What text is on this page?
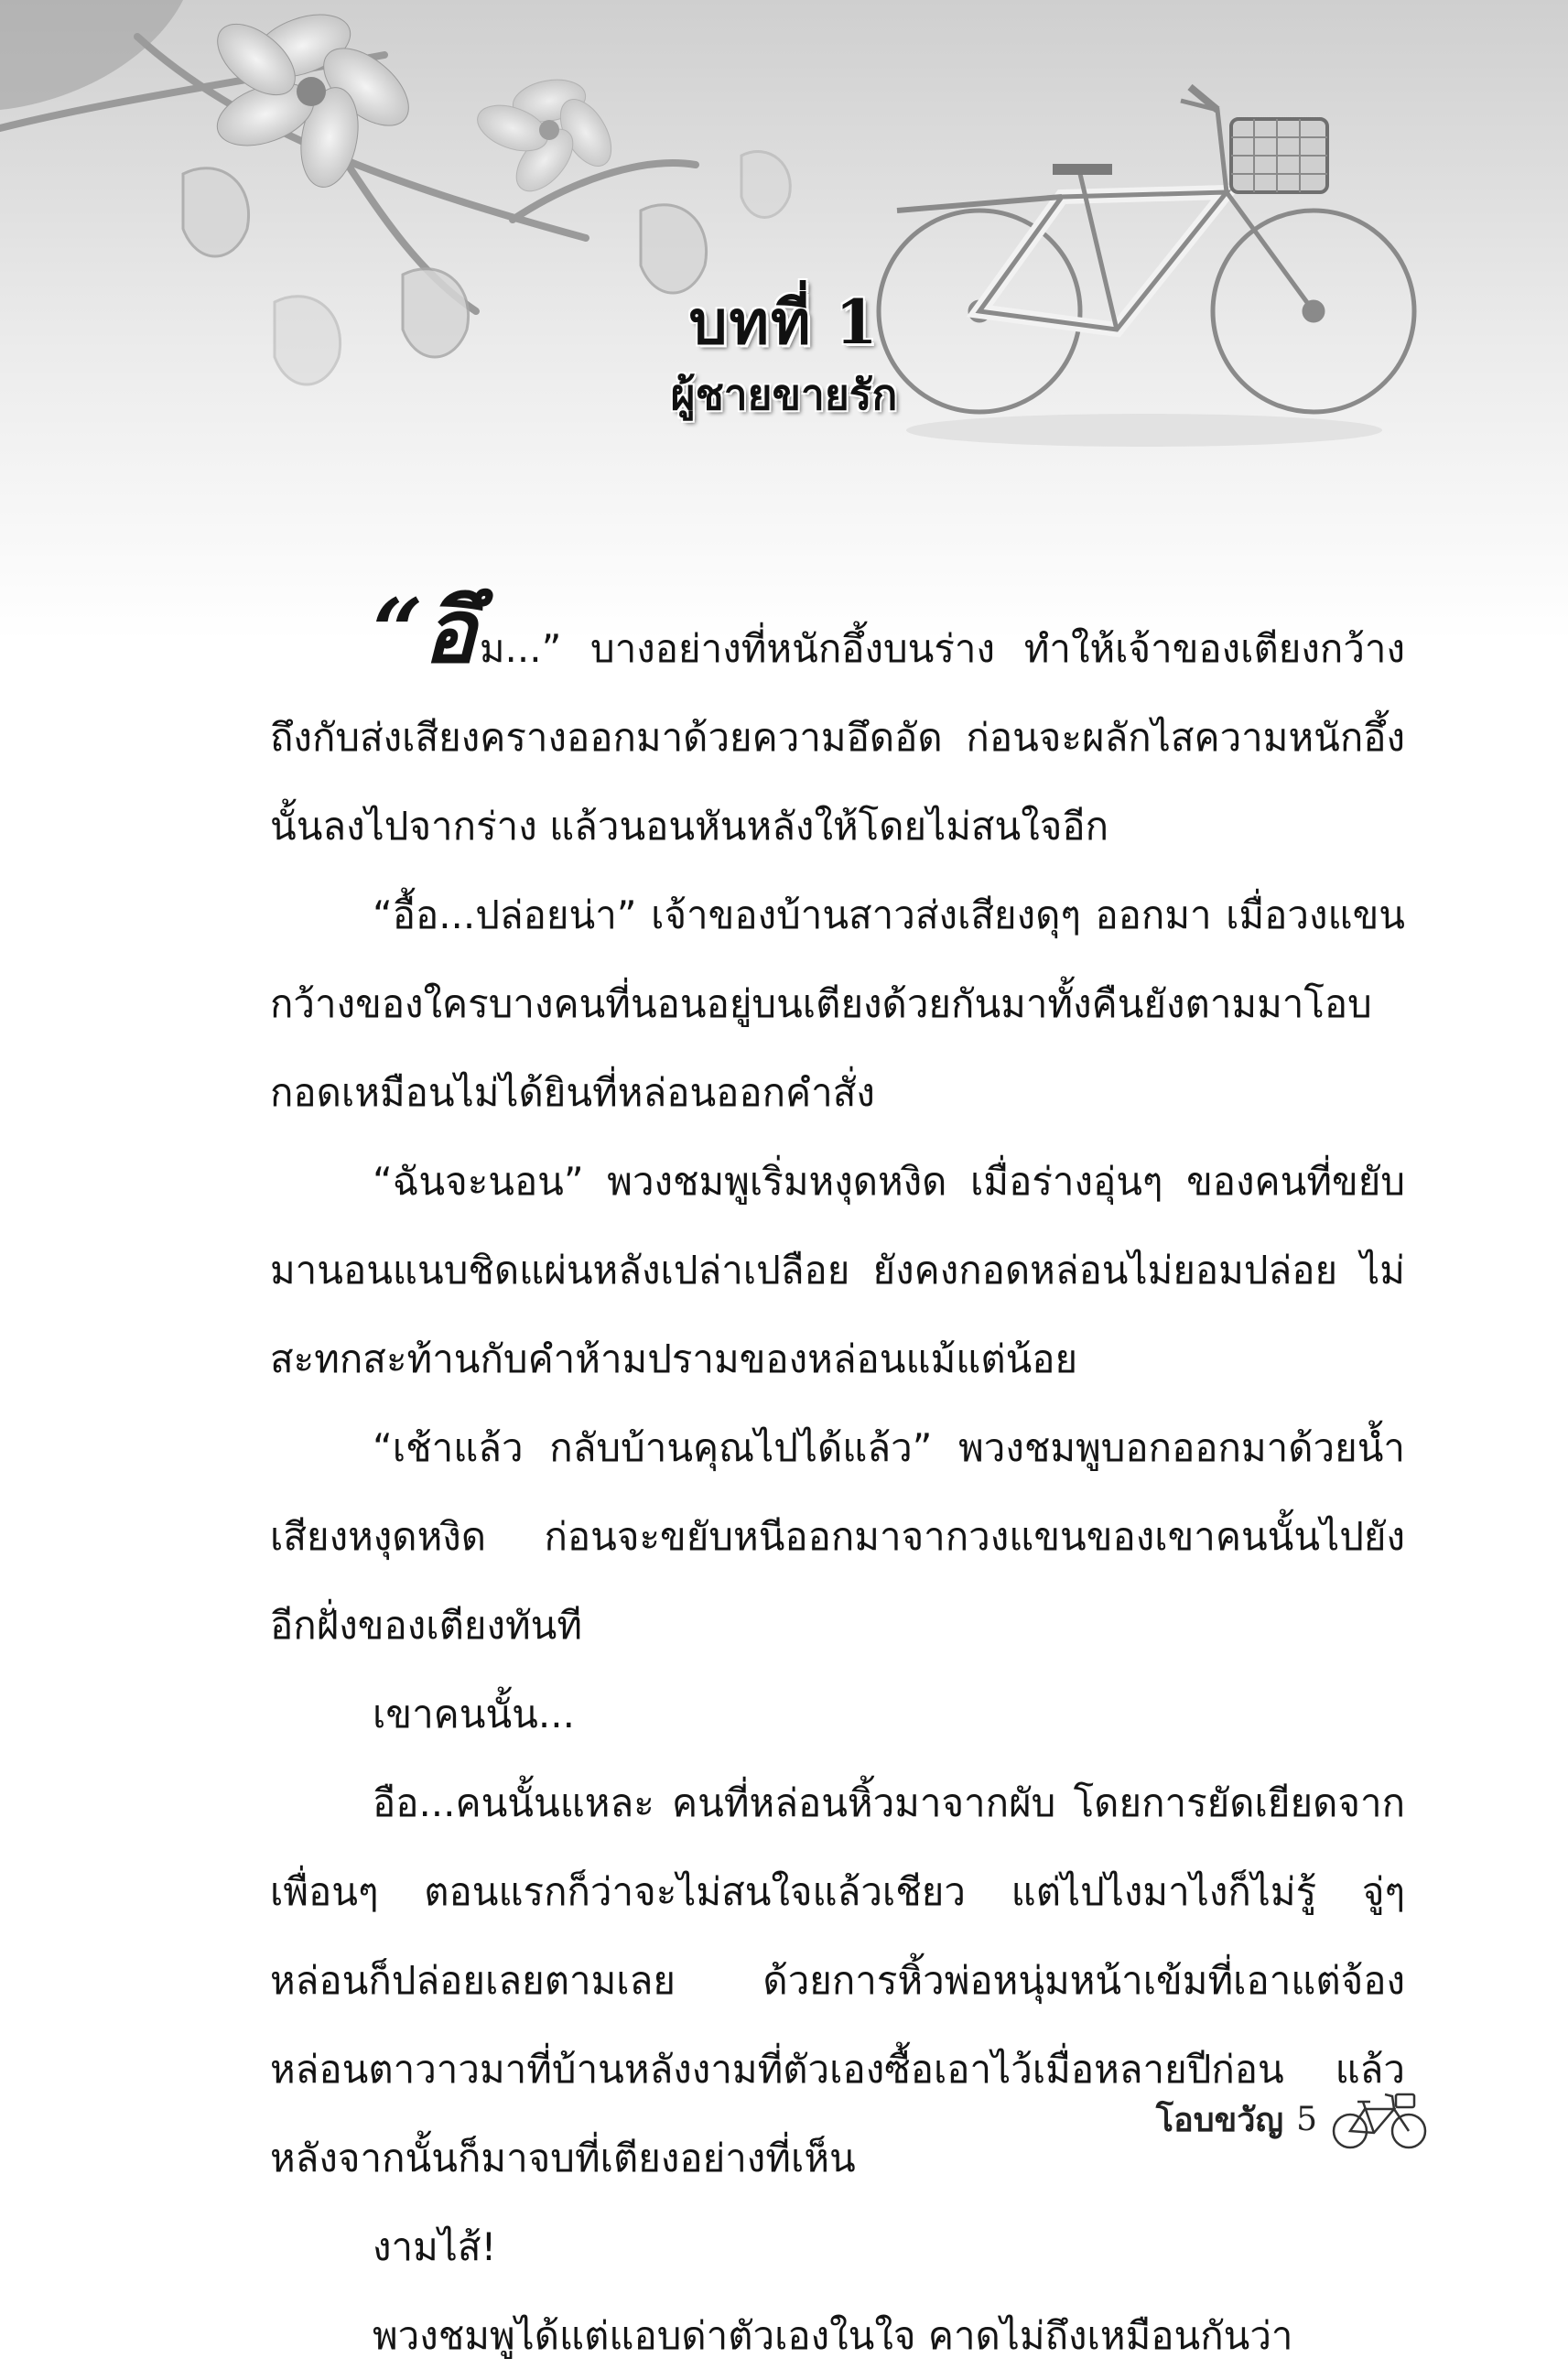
บทที่ 1
ผู้ชายขายรัก

“อึม...” บางอย่างที่หนักอึ้งบนร่าง ทำให้เจ้าของเตียงกว้างถึงกับส่งเสียงครางออกมาด้วยความอึดอัด ก่อนจะผลักไสความหนักอึ้งนั้นลงไปจากร่าง แล้วนอนหันหลังให้โดยไม่สนใจอีก

“อื้อ...ปล่อยน่า” เจ้าของบ้านสาวส่งเสียงดุๆ ออกมา เมื่อวงแขนกว้างของใครบางคนที่นอนอยู่บนเตียงด้วยกันมาทั้งคืนยังตามมาโอบกอดเหมือนไม่ได้ยินที่หล่อนออกคำสั่ง

“ฉันจะนอน” พวงชมพูเริ่มหงุดหงิด เมื่อร่างอุ่นๆ ของคนที่ขยับมานอนแนบชิดแผ่นหลังเปล่าเปลือย ยังคงกอดหล่อนไม่ยอมปล่อย ไม่สะทกสะท้านกับคำห้ามปรามของหล่อนแม้แต่น้อย

“เช้าแล้ว กลับบ้านคุณไปได้แล้ว” พวงชมพูบอกออกมาด้วยน้ำเสียงหงุดหงิด ก่อนจะขยับหนีออกมาจากวงแขนของเขาคนนั้นไปยังอีกฝั่งของเตียงทันที

เขาคนนั้น...

อือ...คนนั้นแหละ คนที่หล่อนหิ้วมาจากผับ โดยการยัดเยียดจากเพื่อนๆ ตอนแรกก็ว่าจะไม่สนใจแล้วเชียว แต่ไปไงมาไงก็ไม่รู้ จู่ๆ หล่อนก็ปล่อยเลยตามเลย ด้วยการหิ้วพ่อหนุ่มหน้าเข้มที่เอาแต่จ้องหล่อนตาวาวมาที่บ้านหลังงามที่ตัวเองซื้อเอาไว้เมื่อหลายปีก่อน แล้วหลังจากนั้นก็มาจบที่เตียงอย่างที่เห็น

งามไส้!

พวงชมพูได้แต่แอบด่าตัวเองในใจ คาดไม่ถึงเหมือนกันว่า

โอบขวัญ 5
